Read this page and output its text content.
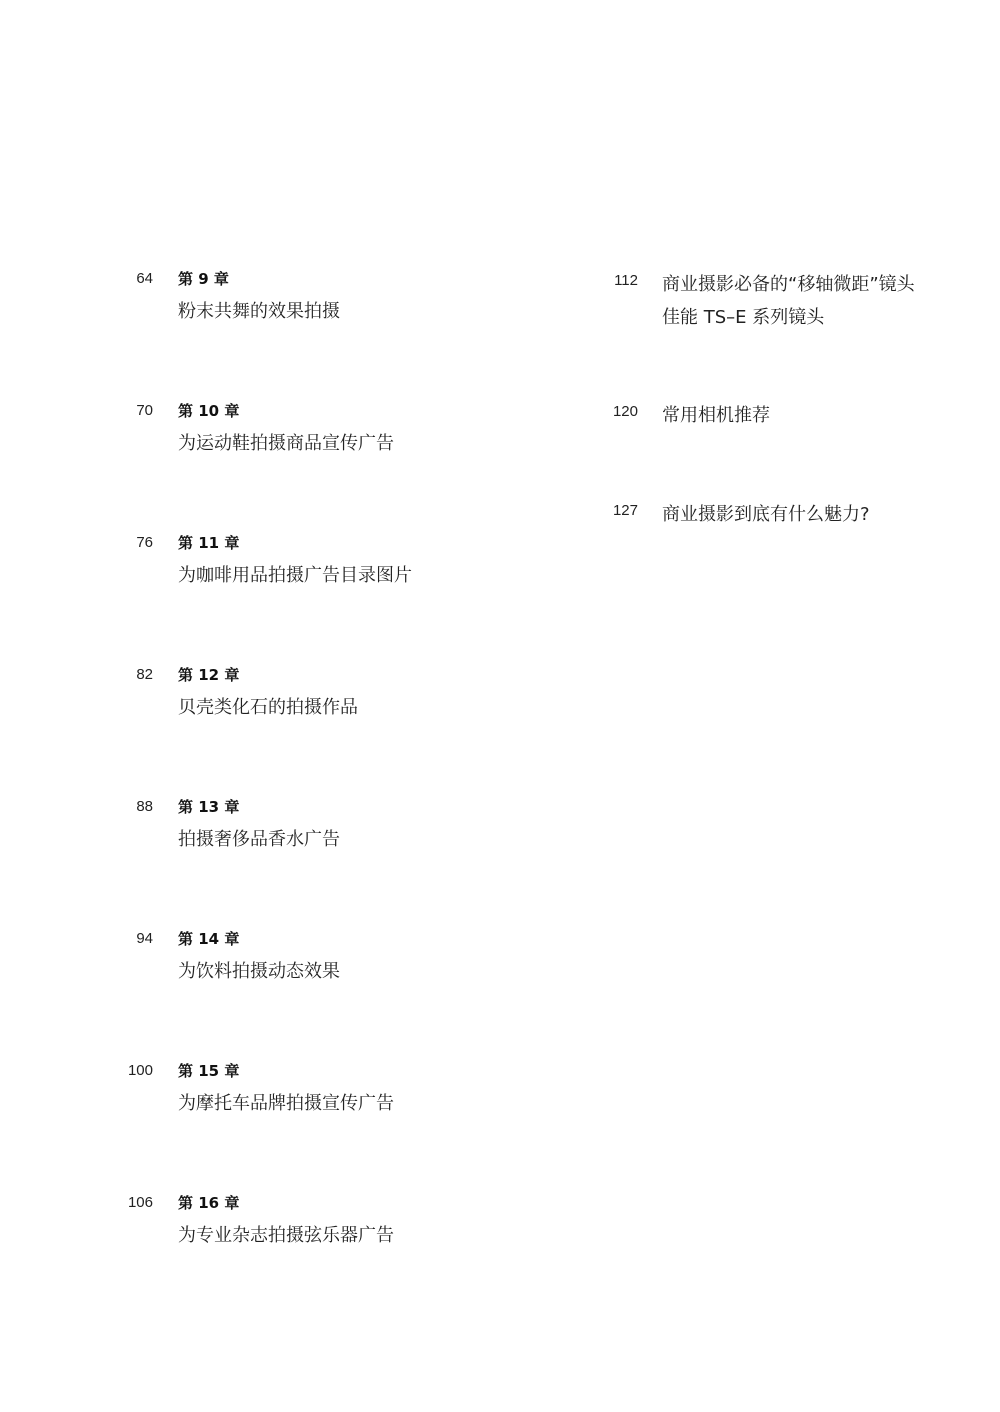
64 第 9 章
粉末共舞的效果拍摄
70 第 10 章
为运动鞋拍摄商品宣传广告
76 第 11 章
为咖啡用品拍摄广告目录图片
82 第 12 章
贝壳类化石的拍摄作品
88 第 13 章
拍摄奢侈品香水广告
94 第 14 章
为饮料拍摄动态效果
100 第 15 章
为摩托车品牌拍摄宣传广告
106 第 16 章
为专业杂志拍摄弦乐器广告
112 商业摄影必备的“移轴微距”镜头
佳能 TS–E 系列镜头
120 常用相机推荐
127 商业摄影到底有什么魅力?
